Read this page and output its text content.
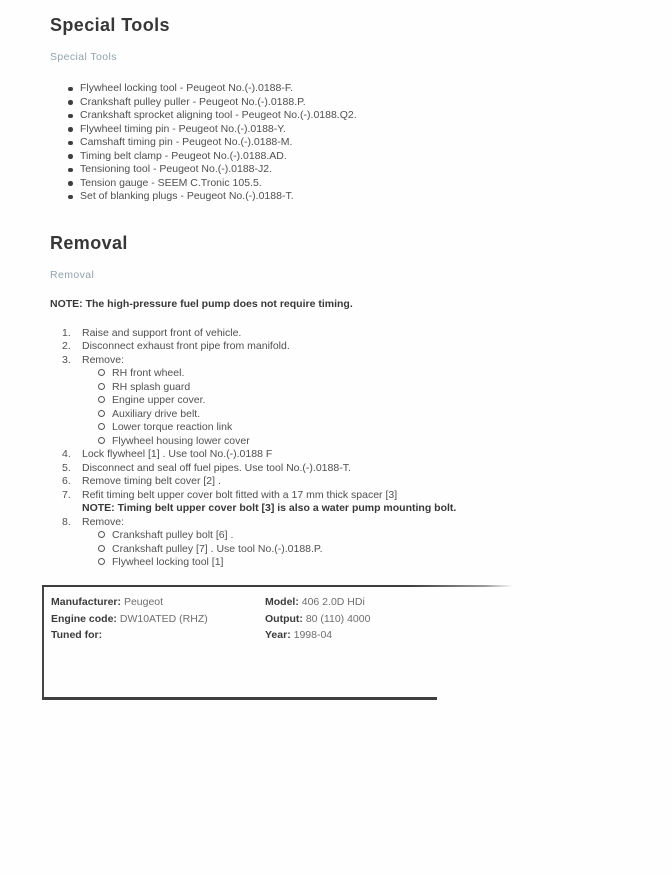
Special Tools
Special Tools
Flywheel locking tool - Peugeot No.(-).0188-F.
Crankshaft pulley puller - Peugeot No.(-).0188.P.
Crankshaft sprocket aligning tool - Peugeot No.(-).0188.Q2.
Flywheel timing pin - Peugeot No.(-).0188-Y.
Camshaft timing pin - Peugeot No.(-).0188-M.
Timing belt clamp - Peugeot No.(-).0188.AD.
Tensioning tool - Peugeot No.(-).0188-J2.
Tension gauge - SEEM C.Tronic 105.5.
Set of blanking plugs - Peugeot No.(-).0188-T.
Removal
Removal

NOTE: The high-pressure fuel pump does not require timing.

1.	Raise and support front of vehicle.
2.	Disconnect exhaust front pipe from manifold.
3.	Remove:
RH front wheel.
RH splash guard
Engine upper cover.
Auxiliary drive belt.
Lower torque reaction link
Flywheel housing lower cover
4.	Lock flywheel [1] . Use tool No.(-).0188 F
5.	Disconnect and seal off fuel pipes. Use tool No.(-).0188-T.
6.	Remove timing belt cover [2] .
7.	Refit timing belt upper cover bolt fitted with a 17 mm thick spacer [3]
NOTE: Timing belt upper cover bolt [3] is also a water pump mounting bolt.
8.	Remove:
Crankshaft pulley bolt [6] .
Crankshaft pulley [7] . Use tool No.(-).0188.P.
Flywheel locking tool [1]
Manufacturer: Peugeot	Model: 406 2.0D HDi
Engine code: DW10ATED (RHZ)	Output: 80 (110) 4000
Tuned for:	Year: 1998-04
